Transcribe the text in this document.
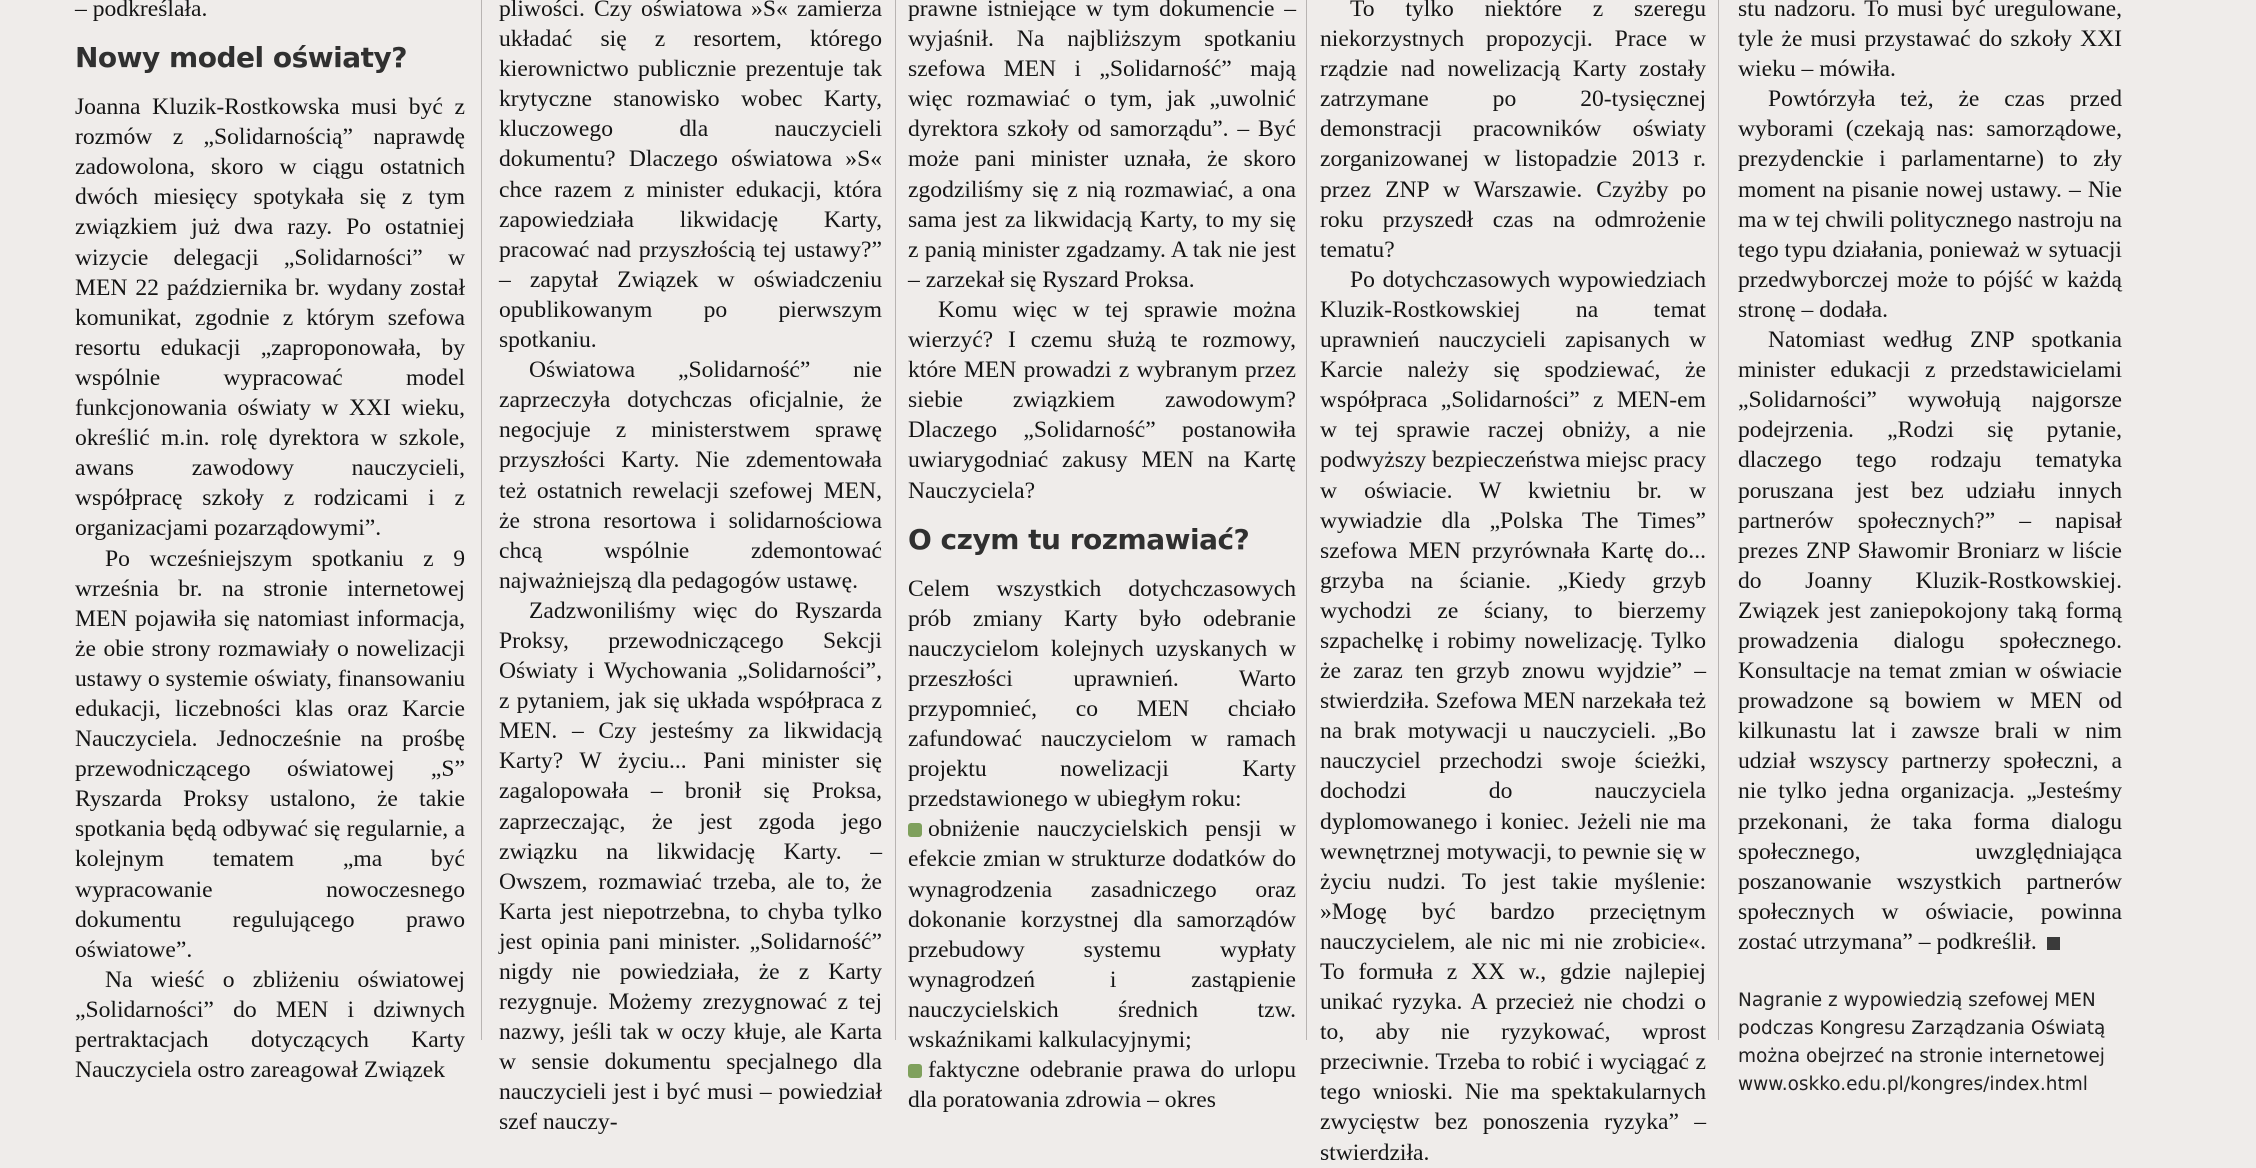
– podkreślała.

Nowy model oświaty?

Joanna Kluzik-Rostkowska musi być z rozmów z „Solidarnością” naprawdę zadowolona, skoro w ciągu ostatnich dwóch miesięcy spotykała się z tym związkiem już dwa razy. Po ostatniej wizycie delegacji „Solidarności” w MEN 22 października br. wydany został komunikat, zgodnie z którym szefowa resortu edukacji „zaproponowała, by wspólnie wypracować model funkcjonowania oświaty w XXI wieku, określić m.in. rolę dyrektora w szkole, awans zawodowy nauczycieli, współpracę szkoły z rodzicami i z organizacjami pozarządowymi”.

Po wcześniejszym spotkaniu z 9 września br. na stronie internetowej MEN pojawiła się natomiast informacja, że obie strony rozmawiały o nowelizacji ustawy o systemie oświaty, finansowaniu edukacji, liczebności klas oraz Karcie Nauczyciela. Jednocześnie na prośbę przewodniczącego oświatowej „S” Ryszarda Proksy ustalono, że takie spotkania będą odbywać się regularnie, a kolejnym tematem „ma być wypracowanie nowoczesnego dokumentu regulującego prawo oświatowe”.

Na wieść o zbliżeniu oświatowej „Solidarności” do MEN i dziwnych pertraktacjach dotyczących Karty Nauczyciela ostro zareagował Związek

pliwości. Czy oświatowa »S« zamierza układać się z resortem, którego kierownictwo publicznie prezentuje tak krytyczne stanowisko wobec Karty, kluczowego dla nauczycieli dokumentu? Dlaczego oświatowa »S« chce razem z minister edukacji, która zapowiedziała likwidację Karty, pracować nad przyszłością tej ustawy?” – zapytał Związek w oświadczeniu opublikowanym po pierwszym spotkaniu.

Oświatowa „Solidarność” nie zaprzeczyła dotychczas oficjalnie, że negocjuje z ministerstwem sprawę przyszłości Karty. Nie zdementowała też ostatnich rewelacji szefowej MEN, że strona resortowa i solidarnościowa chcą wspólnie zdemontować najważniejszą dla pedagogów ustawę.

Zadzwoniliśmy więc do Ryszarda Proksy, przewodniczącego Sekcji Oświaty i Wychowania „Solidarności”, z pytaniem, jak się układa współpraca z MEN. – Czy jesteśmy za likwidacją Karty? W życiu... Pani minister się zagalopowała – bronił się Proksa, zaprzeczając, że jest zgoda jego związku na likwidację Karty. – Owszem, rozmawiać trzeba, ale to, że Karta jest niepotrzebna, to chyba tylko jest opinia pani minister. „Solidarność” nigdy nie powiedziała, że z Karty rezygnuje. Możemy zrezygnować z tej nazwy, jeśli tak w oczy kłuje, ale Karta w sensie dokumentu specjalnego dla nauczycieli jest i być musi – powiedział szef nauczy-

prawne istniejące w tym dokumencie – wyjaśnił. Na najbliższym spotkaniu szefowa MEN i „Solidarność” mają więc rozmawiać o tym, jak „uwolnić dyrektora szkoły od samorządu”. – Być może pani minister uznała, że skoro zgodziliśmy się z nią rozmawiać, a ona sama jest za likwidacją Karty, to my się z panią minister zgadzamy. A tak nie jest – zarzekał się Ryszard Proksa.

Komu więc w tej sprawie można wierzyć? I czemu służą te rozmowy, które MEN prowadzi z wybranym przez siebie związkiem zawodowym? Dlaczego „Solidarność” postanowiła uwiarygodniać zakusy MEN na Kartę Nauczyciela?

O czym tu rozmawiać?

Celem wszystkich dotychczasowych prób zmiany Karty było odebranie nauczycielom kolejnych uzyskanych w przeszłości uprawnień. Warto przypomnieć, co MEN chciało zafundować nauczycielom w ramach projektu nowelizacji Karty przedstawionego w ubiegłym roku:

obniżenie nauczycielskich pensji w efekcie zmian w strukturze dodatków do wynagrodzenia zasadniczego oraz dokonanie korzystnej dla samorządów przebudowy systemu wypłaty wynagrodzeń i zastąpienie nauczycielskich średnich tzw. wskaźnikami kalkulacyjnymi;

faktyczne odebranie prawa do urlopu dla poratowania zdrowia – okres

To tylko niektóre z szeregu niekorzystnych propozycji. Prace w rządzie nad nowelizacją Karty zostały zatrzymane po 20-tysięcznej demonstracji pracowników oświaty zorganizowanej w listopadzie 2013 r. przez ZNP w Warszawie. Czyżby po roku przyszedł czas na odmrożenie tematu?

Po dotychczasowych wypowiedziach Kluzik-Rostkowskiej na temat uprawnień nauczycieli zapisanych w Karcie należy się spodziewać, że współpraca „Solidarności” z MEN-em w tej sprawie raczej obniży, a nie podwyższy bezpieczeństwa miejsc pracy w oświacie. W kwietniu br. w wywiadzie dla „Polska The Times” szefowa MEN przyrównała Kartę do... grzyba na ścianie. „Kiedy grzyb wychodzi ze ściany, to bierzemy szpachelkę i robimy nowelizację. Tylko że zaraz ten grzyb znowu wyjdzie” – stwierdziła. Szefowa MEN narzekała też na brak motywacji u nauczycieli. „Bo nauczyciel przechodzi swoje ścieżki, dochodzi do nauczyciela dyplomowanego i koniec. Jeżeli nie ma wewnętrznej motywacji, to pewnie się w życiu nudzi. To jest takie myślenie: »Mogę być bardzo przeciętnym nauczycielem, ale nic mi nie zrobicie«. To formuła z XX w., gdzie najlepiej unikać ryzyka. A przecież nie chodzi o to, aby nie ryzykować, wprost przeciwnie. Trzeba to robić i wyciągać z tego wnioski. Nie ma spektakularnych zwycięstw bez ponoszenia ryzyka” – stwierdziła.

stu nadzoru. To musi być uregulowane, tyle że musi przystawać do szkoły XXI wieku – mówiła.

Powtórzyła też, że czas przed wyborami (czekają nas: samorządowe, prezydenckie i parlamentarne) to zły moment na pisanie nowej ustawy. – Nie ma w tej chwili politycznego nastroju na tego typu działania, ponieważ w sytuacji przedwyborczej może to pójść w każdą stronę – dodała.

Natomiast według ZNP spotkania minister edukacji z przedstawicielami „Solidarności” wywołują najgorsze podejrzenia. „Rodzi się pytanie, dlaczego tego rodzaju tematyka poruszana jest bez udziału innych partnerów społecznych?” – napisał prezes ZNP Sławomir Broniarz w liście do Joanny Kluzik-Rostkowskiej. Związek jest zaniepokojony taką formą prowadzenia dialogu społecznego. Konsultacje na temat zmian w oświacie prowadzone są bowiem w MEN od kilkunastu lat i zawsze brali w nim udział wszyscy partnerzy społeczni, a nie tylko jedna organizacja. „Jesteśmy przekonani, że taka forma dialogu społecznego, uwzględniająca poszanowanie wszystkich partnerów społecznych w oświacie, powinna zostać utrzymana” – podkreślił.

Nagranie z wypowiedzią szefowej MEN podczas Kongresu Zarządzania Oświatą można obejrzeć na stronie internetowej www.oskko.edu.pl/kongres/index.html
